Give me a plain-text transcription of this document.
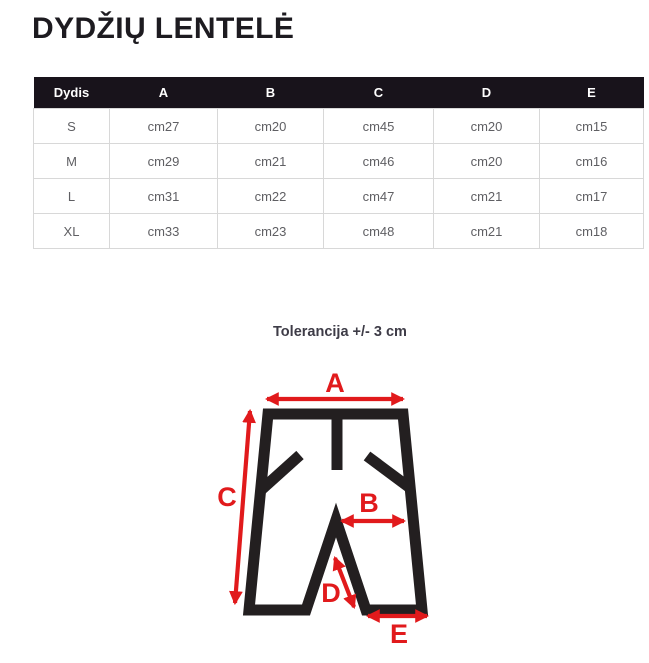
DYDŽIŲ LENTELĖ
Dydis	A	B	C	D	E
S	cm27	cm20	cm45	cm20	cm15
M	cm29	cm21	cm46	cm20	cm16
L	cm31	cm22	cm47	cm21	cm17
XL	cm33	cm23	cm48	cm21	cm18
Tolerancija +/- 3 cm
A
C	B
D
E
